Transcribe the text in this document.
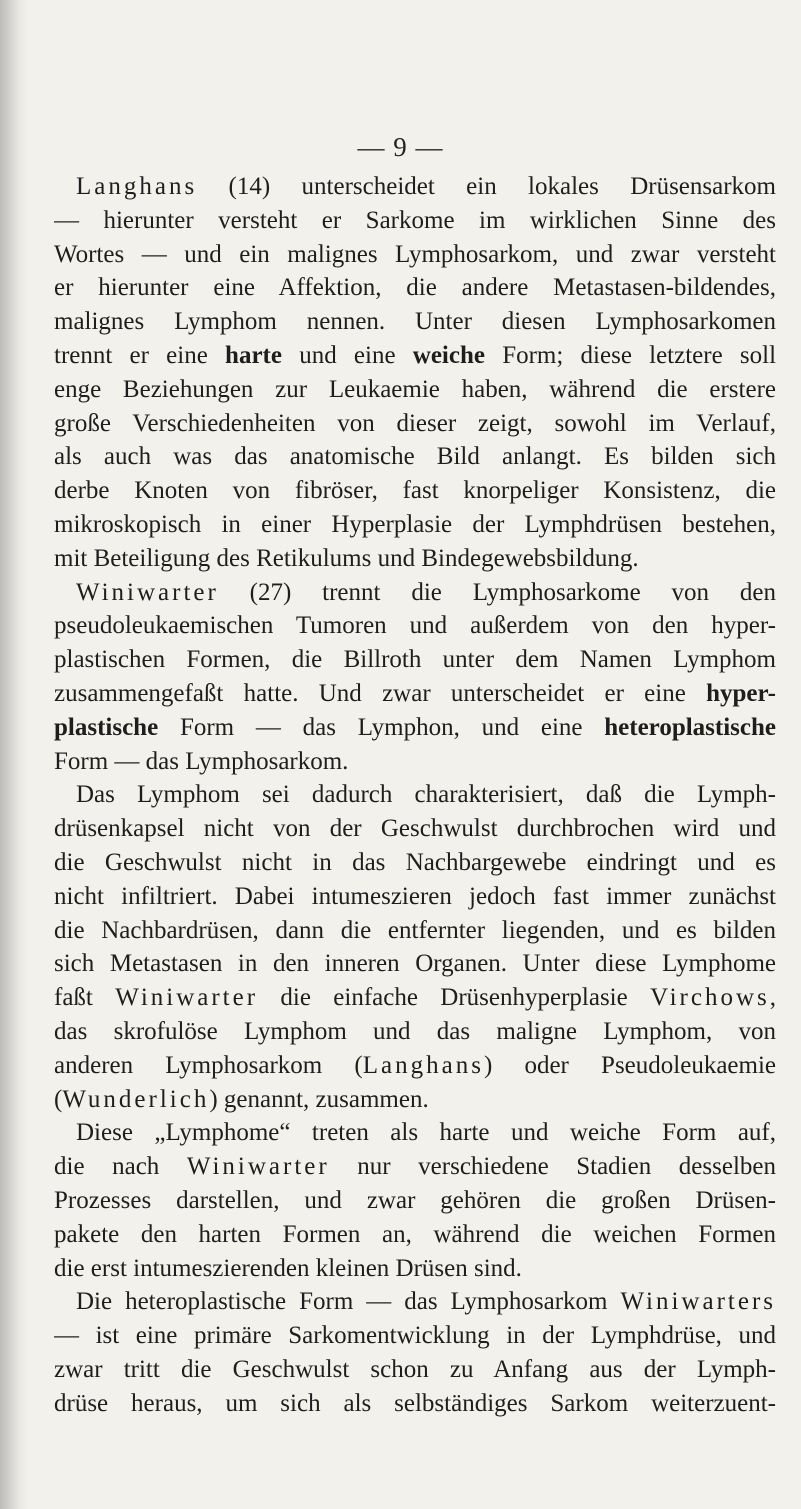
— 9 —
Langhans (14) unterscheidet ein lokales Drüsensarkom
— hierunter versteht er Sarkome im wirklichen Sinne des
Wortes — und ein malignes Lymphosarkom, und zwar versteht
er hierunter eine Affektion, die andere Metastasen-bildendes,
malignes Lymphom nennen. Unter diesen Lymphosarkomen
trennt er eine harte und eine weiche Form; diese letztere soll
enge Beziehungen zur Leukaemie haben, während die erstere
große Verschiedenheiten von dieser zeigt, sowohl im Verlauf,
als auch was das anatomische Bild anlangt. Es bilden sich
derbe Knoten von fibröser, fast knorpeliger Konsistenz, die
mikroskopisch in einer Hyperplasie der Lymphdrüsen bestehen,
mit Beteiligung des Retikulums und Bindegewebsbildung.
Winiwarter (27) trennt die Lymphosarkome von den
pseudoleukaemischen Tumoren und außerdem von den hyper-
plastischen Formen, die Billroth unter dem Namen Lymphom
zusammengefaßt hatte. Und zwar unterscheidet er eine hyper-
plastische Form — das Lymphon, und eine heteroplastische
Form — das Lymphosarkom.
Das Lymphom sei dadurch charakterisiert, daß die Lymph-
drüsenkapsel nicht von der Geschwulst durchbrochen wird und
die Geschwulst nicht in das Nachbargewebe eindringt und es
nicht infiltriert. Dabei intumeszieren jedoch fast immer zunächst
die Nachbardrüsen, dann die entfernter liegenden, und es bilden
sich Metastasen in den inneren Organen. Unter diese Lymphome
faßt Winiwarter die einfache Drüsenhyperplasie Virchows,
das skrofulöse Lymphom und das maligne Lymphom, von
anderen Lymphosarkom (Langhans) oder Pseudoleukaemie
(Wunderlich) genannt, zusammen.
Diese „Lymphome“ treten als harte und weiche Form auf,
die nach Winiwarter nur verschiedene Stadien desselben
Prozesses darstellen, und zwar gehören die großen Drüsen-
pakete den harten Formen an, während die weichen Formen
die erst intumeszierenden kleinen Drüsen sind.
Die heteroplastische Form — das Lymphosarkom Winiwarters
— ist eine primäre Sarkomentwicklung in der Lymphdrüse, und
zwar tritt die Geschwulst schon zu Anfang aus der Lymph-
drüse heraus, um sich als selbständiges Sarkom weiterzuent-
